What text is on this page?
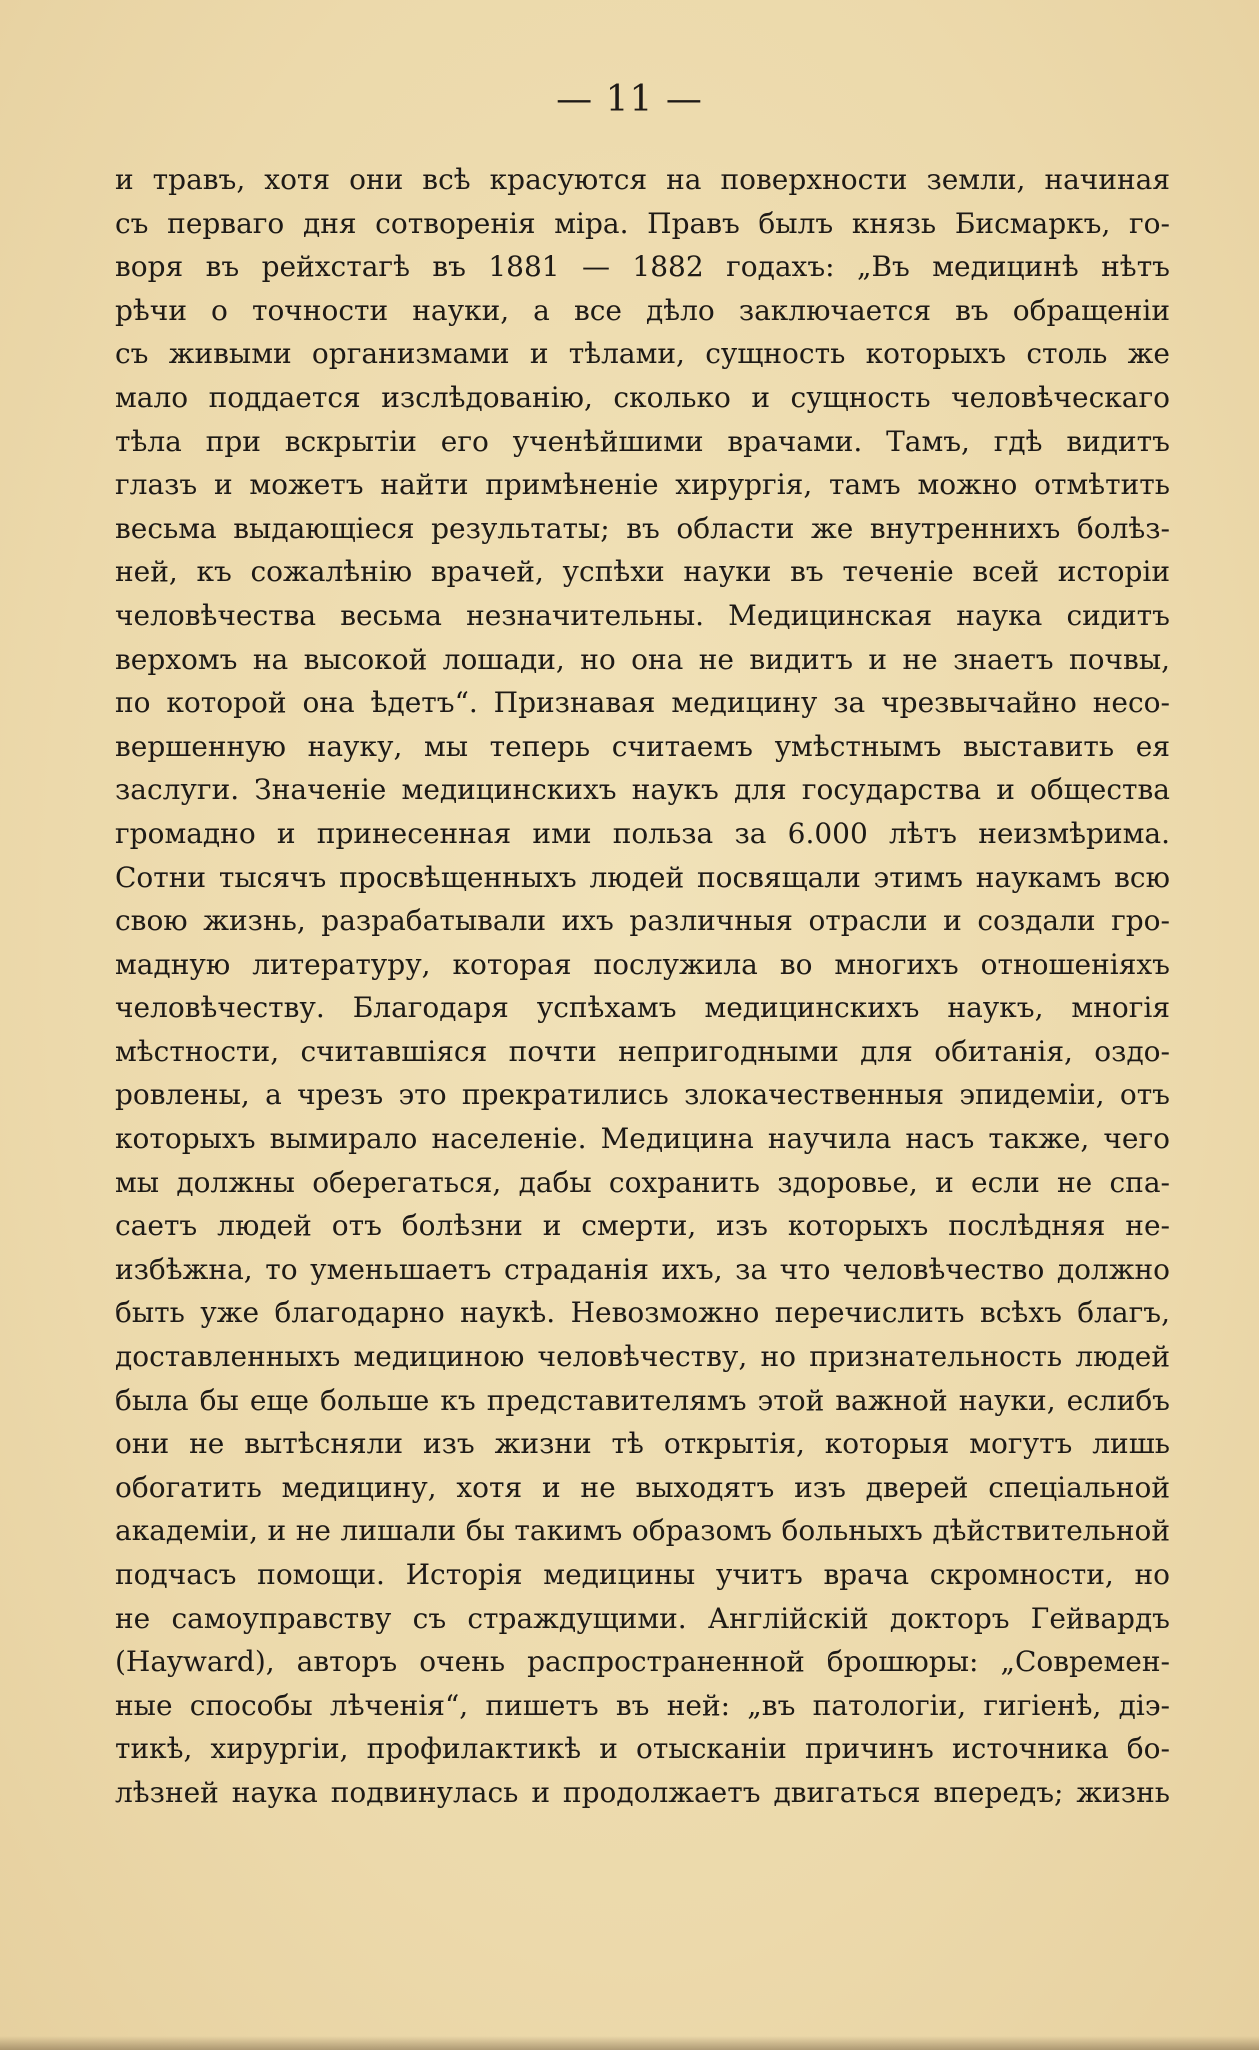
— 11 —
и травъ, хотя они всѣ красуются на поверхности земли, начиная
съ перваго дня сотворенія міра. Правъ былъ князь Бисмаркъ, го-
воря въ рейхстагѣ въ 1881 — 1882 годахъ: „Въ медицинѣ нѣтъ
рѣчи о точности науки, а все дѣло заключается въ обращеніи
съ живыми организмами и тѣлами, сущность которыхъ столь же
мало поддается изслѣдованію, сколько и сущность человѣческаго
тѣла при вскрытіи его ученѣйшими врачами. Тамъ, гдѣ видитъ
глазъ и можетъ найти примѣненіе хирургія, тамъ можно отмѣтить
весьма выдающіеся результаты; въ области же внутреннихъ болѣз-
ней, къ сожалѣнію врачей, успѣхи науки въ теченіе всей исторіи
человѣчества весьма незначительны. Медицинская наука сидитъ
верхомъ на высокой лошади, но она не видитъ и не знаетъ почвы,
по которой она ѣдетъ“. Признавая медицину за чрезвычайно несо-
вершенную науку, мы теперь считаемъ умѣстнымъ выставить ея
заслуги. Значеніе медицинскихъ наукъ для государства и общества
громадно и принесенная ими польза за 6.000 лѣтъ неизмѣрима.
Сотни тысячъ просвѣщенныхъ людей посвящали этимъ наукамъ всю
свою жизнь, разрабатывали ихъ различныя отрасли и создали гро-
мадную литературу, которая послужила во многихъ отношеніяхъ
человѣчеству. Благодаря успѣхамъ медицинскихъ наукъ, многія
мѣстности, считавшіяся почти непригодными для обитанія, оздо-
ровлены, а чрезъ это прекратились злокачественныя эпидеміи, отъ
которыхъ вымирало населеніе. Медицина научила насъ также, чего
мы должны оберегаться, дабы сохранить здоровье, и если не спа-
саетъ людей отъ болѣзни и смерти, изъ которыхъ послѣдняя не-
избѣжна, то уменьшаетъ страданія ихъ, за что человѣчество должно
быть уже благодарно наукѣ. Невозможно перечислить всѣхъ благъ,
доставленныхъ медициною человѣчеству, но признательность людей
была бы еще больше къ представителямъ этой важной науки, еслибъ
они не вытѣсняли изъ жизни тѣ открытія, которыя могутъ лишь
обогатить медицину, хотя и не выходятъ изъ дверей спеціальной
академіи, и не лишали бы такимъ образомъ больныхъ дѣйствительной
подчасъ помощи. Исторія медицины учитъ врача скромности, но
не самоуправству съ страждущими. Англійскій докторъ Гейвардъ
(Hayward), авторъ очень распространенной брошюры: „Современ-
ные способы лѣченія“, пишетъ въ ней: „въ патологіи, гигіенѣ, діэ-
тикѣ, хирургіи, профилактикѣ и отысканіи причинъ источника бо-
лѣзней наука подвинулась и продолжаетъ двигаться впередъ; жизнь
